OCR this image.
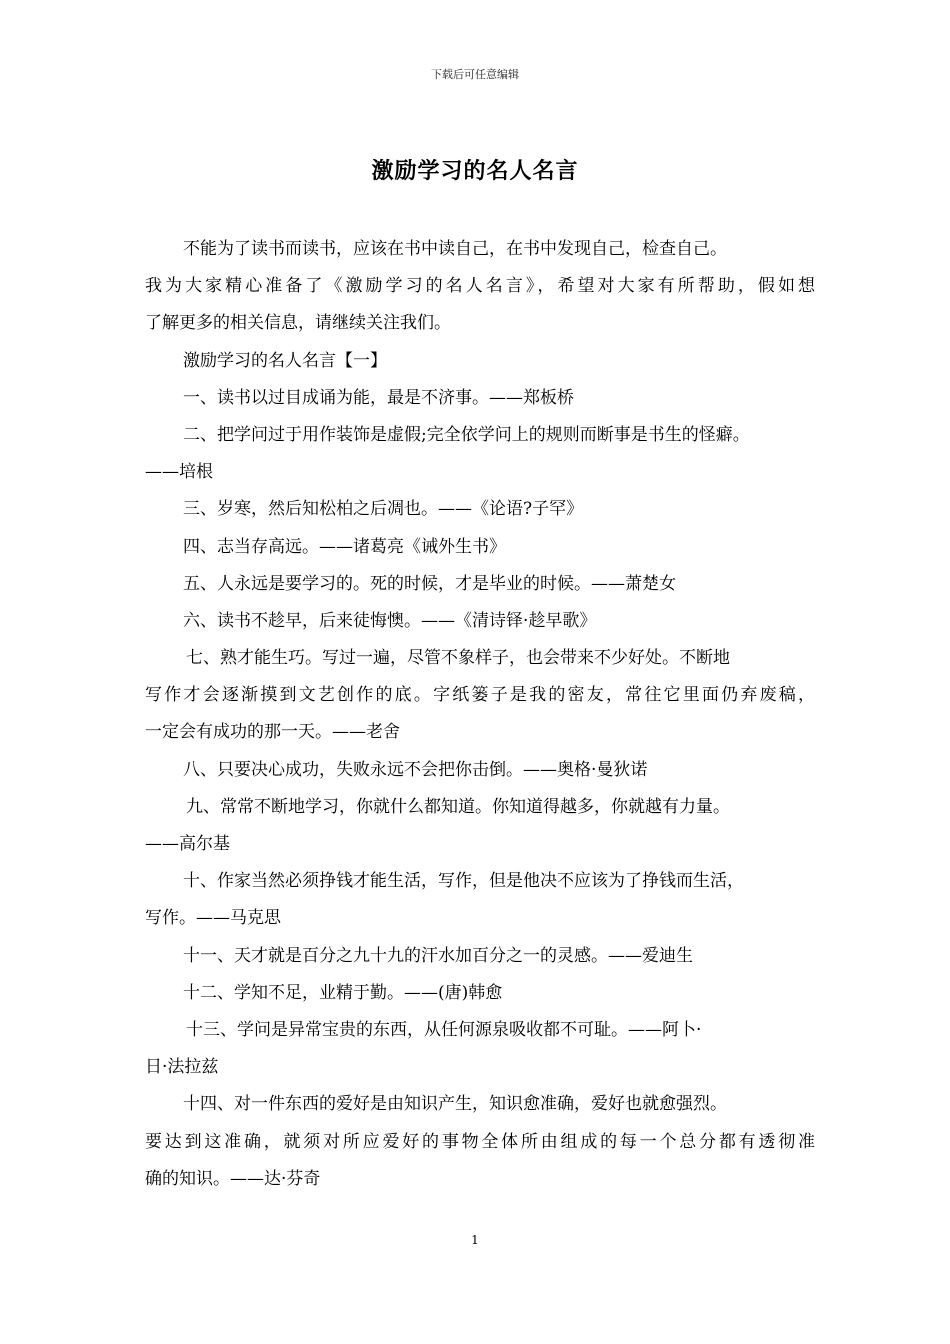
下载后可任意编辑
激励学习的名人名言
不能为了读书而读书，应该在书中读自己，在书中发现自己，检查自己。
我为大家精心准备了《激励学习的名人名言》，希望对大家有所帮助，假如想
了解更多的相关信息，请继续关注我们。
激励学习的名人名言【一】
一、读书以过目成诵为能，最是不济事。——郑板桥
二、把学问过于用作装饰是虚假;完全依学问上的规则而断事是书生的怪癖。
——培根
三、岁寒，然后知松柏之后凋也。——《论语?子罕》
四、志当存高远。——诸葛亮《诫外生书》
五、人永远是要学习的。死的时候，才是毕业的时候。——萧楚女
六、读书不趁早，后来徒悔懊。——《清诗铎·趁早歌》
七、熟才能生巧。写过一遍，尽管不象样子，也会带来不少好处。不断地
写作才会逐渐摸到文艺创作的底。字纸篓子是我的密友，常往它里面仍弃废稿，
一定会有成功的那一天。——老舍
八、只要决心成功，失败永远不会把你击倒。——奥格·曼狄诺
九、常常不断地学习，你就什么都知道。你知道得越多，你就越有力量。
——高尔基
十、作家当然必须挣钱才能生活，写作，但是他决不应该为了挣钱而生活，
写作。——马克思
十一、天才就是百分之九十九的汗水加百分之一的灵感。——爱迪生
十二、学知不足，业精于勤。——(唐)韩愈
十三、学问是异常宝贵的东西，从任何源泉吸收都不可耻。——阿卜·
日·法拉兹
十四、对一件东西的爱好是由知识产生，知识愈准确，爱好也就愈强烈。
要达到这准确，就须对所应爱好的事物全体所由组成的每一个总分都有透彻准
确的知识。——达·芬奇
1
